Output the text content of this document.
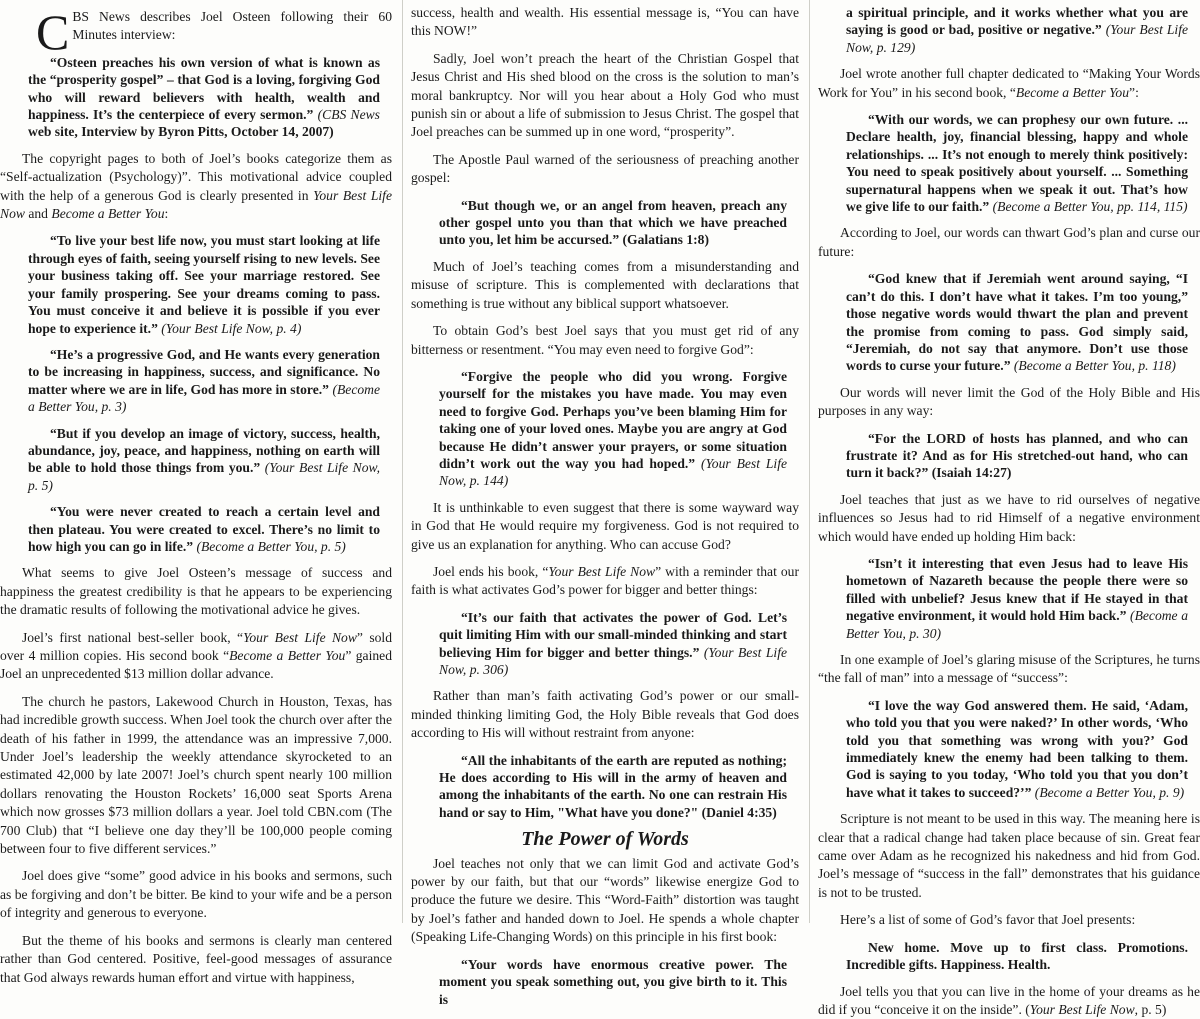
CBS News describes Joel Osteen following their 60 Minutes interview:

“Osteen preaches his own version of what is known as the “prosperity gospel” – that God is a loving, forgiving God who will reward believers with health, wealth and happiness. It’s the centerpiece of every sermon.” (CBS News web site, Interview by Byron Pitts, October 14, 2007)

The copyright pages to both of Joel’s books categorize them as “Self-actualization (Psychology)”. This motivational advice coupled with the help of a generous God is clearly presented in Your Best Life Now and Become a Better You:

“To live your best life now, you must start looking at life through eyes of faith, seeing yourself rising to new levels. See your business taking off. See your marriage restored. See your family prospering. See your dreams coming to pass. You must conceive it and believe it is possible if you ever hope to experience it.” (Your Best Life Now, p. 4)

“He’s a progressive God, and He wants every generation to be increasing in happiness, success, and significance. No matter where we are in life, God has more in store.” (Become a Better You, p. 3)

“But if you develop an image of victory, success, health, abundance, joy, peace, and happiness, nothing on earth will be able to hold those things from you.” (Your Best Life Now, p. 5)

“You were never created to reach a certain level and then plateau. You were created to excel. There’s no limit to how high you can go in life.” (Become a Better You, p. 5)

What seems to give Joel Osteen’s message of success and happiness the greatest credibility is that he appears to be experiencing the dramatic results of following the motivational advice he gives.

Joel’s first national best-seller book, “Your Best Life Now” sold over 4 million copies. His second book “Become a Better You” gained Joel an unprecedented $13 million dollar advance.

The church he pastors, Lakewood Church in Houston, Texas, has had incredible growth success. When Joel took the church over after the death of his father in 1999, the attendance was an impressive 7,000. Under Joel’s leadership the weekly attendance skyrocketed to an estimated 42,000 by late 2007! Joel’s church spent nearly 100 million dollars renovating the Houston Rockets’ 16,000 seat Sports Arena which now grosses $73 million dollars a year. Joel told CBN.com (The 700 Club) that “I believe one day they’ll be 100,000 people coming between four to five different services.”

Joel does give “some” good advice in his books and sermons, such as be forgiving and don’t be bitter. Be kind to your wife and be a person of integrity and generous to everyone.

But the theme of his books and sermons is clearly man centered rather than God centered. Positive, feel-good messages of assurance that God always rewards human effort and virtue with happiness,

success, health and wealth. His essential message is, “You can have this NOW!”

Sadly, Joel won’t preach the heart of the Christian Gospel that Jesus Christ and His shed blood on the cross is the solution to man’s moral bankruptcy. Nor will you hear about a Holy God who must punish sin or about a life of submission to Jesus Christ. The gospel that Joel preaches can be summed up in one word, “prosperity”.

The Apostle Paul warned of the seriousness of preaching another gospel:

“But though we, or an angel from heaven, preach any other gospel unto you than that which we have preached unto you, let him be accursed.” (Galatians 1:8)

Much of Joel’s teaching comes from a misunderstanding and misuse of scripture. This is complemented with declarations that something is true without any biblical support whatsoever.

To obtain God’s best Joel says that you must get rid of any bitterness or resentment. “You may even need to forgive God”:

“Forgive the people who did you wrong. Forgive yourself for the mistakes you have made. You may even need to forgive God. Perhaps you’ve been blaming Him for taking one of your loved ones. Maybe you are angry at God because He didn’t answer your prayers, or some situation didn’t work out the way you had hoped.” (Your Best Life Now, p. 144)

It is unthinkable to even suggest that there is some wayward way in God that He would require my forgiveness. God is not required to give us an explanation for anything. Who can accuse God?

Joel ends his book, “Your Best Life Now” with a reminder that our faith is what activates God’s power for bigger and better things:

“It’s our faith that activates the power of God. Let’s quit limiting Him with our small-minded thinking and start believing Him for bigger and better things.” (Your Best Life Now, p. 306)

Rather than man’s faith activating God’s power or our small-minded thinking limiting God, the Holy Bible reveals that God does according to His will without restraint from anyone:

“All the inhabitants of the earth are reputed as nothing; He does according to His will in the army of heaven and among the inhabitants of the earth. No one can restrain His hand or say to Him, "What have you done?" (Daniel 4:35)

The Power of Words

Joel teaches not only that we can limit God and activate God’s power by our faith, but that our “words” likewise energize God to produce the future we desire. This “Word-Faith” distortion was taught by Joel’s father and handed down to Joel. He spends a whole chapter (Speaking Life-Changing Words) on this principle in his first book:

“Your words have enormous creative power. The moment you speak something out, you give birth to it. This is

a spiritual principle, and it works whether what you are saying is good or bad, positive or negative.” (Your Best Life Now, p. 129)

Joel wrote another full chapter dedicated to “Making Your Words Work for You” in his second book, “Become a Better You”:

“With our words, we can prophesy our own future. ... Declare health, joy, financial blessing, happy and whole relationships. ... It’s not enough to merely think positively: You need to speak positively about yourself. ... Something supernatural happens when we speak it out. That’s how we give life to our faith.” (Become a Better You, pp. 114, 115)

According to Joel, our words can thwart God’s plan and curse our future:

“God knew that if Jeremiah went around saying, “I can’t do this. I don’t have what it takes. I’m too young,” those negative words would thwart the plan and prevent the promise from coming to pass. God simply said, “Jeremiah, do not say that anymore. Don’t use those words to curse your future.” (Become a Better You, p. 118)

Our words will never limit the God of the Holy Bible and His purposes in any way:

“For the LORD of hosts has planned, and who can frustrate it? And as for His stretched-out hand, who can turn it back?” (Isaiah 14:27)

Joel teaches that just as we have to rid ourselves of negative influences so Jesus had to rid Himself of a negative environment which would have ended up holding Him back:

“Isn’t it interesting that even Jesus had to leave His hometown of Nazareth because the people there were so filled with unbelief? Jesus knew that if He stayed in that negative environment, it would hold Him back.” (Become a Better You, p. 30)

In one example of Joel’s glaring misuse of the Scriptures, he turns “the fall of man” into a message of “success”:

“I love the way God answered them. He said, ‘Adam, who told you that you were naked?’ In other words, ‘Who told you that something was wrong with you?’ God immediately knew the enemy had been talking to them. God is saying to you today, ‘Who told you that you don’t have what it takes to succeed?’” (Become a Better You, p. 9)

Scripture is not meant to be used in this way. The meaning here is clear that a radical change had taken place because of sin. Great fear came over Adam as he recognized his nakedness and hid from God. Joel’s message of “success in the fall” demonstrates that his guidance is not to be trusted.

Here’s a list of some of God’s favor that Joel presents:

New home. Move up to first class. Promotions. Incredible gifts. Happiness. Health.

Joel tells you that you can live in the home of your dreams as he did if you “conceive it on the inside”. (Your Best Life Now, p. 5)
